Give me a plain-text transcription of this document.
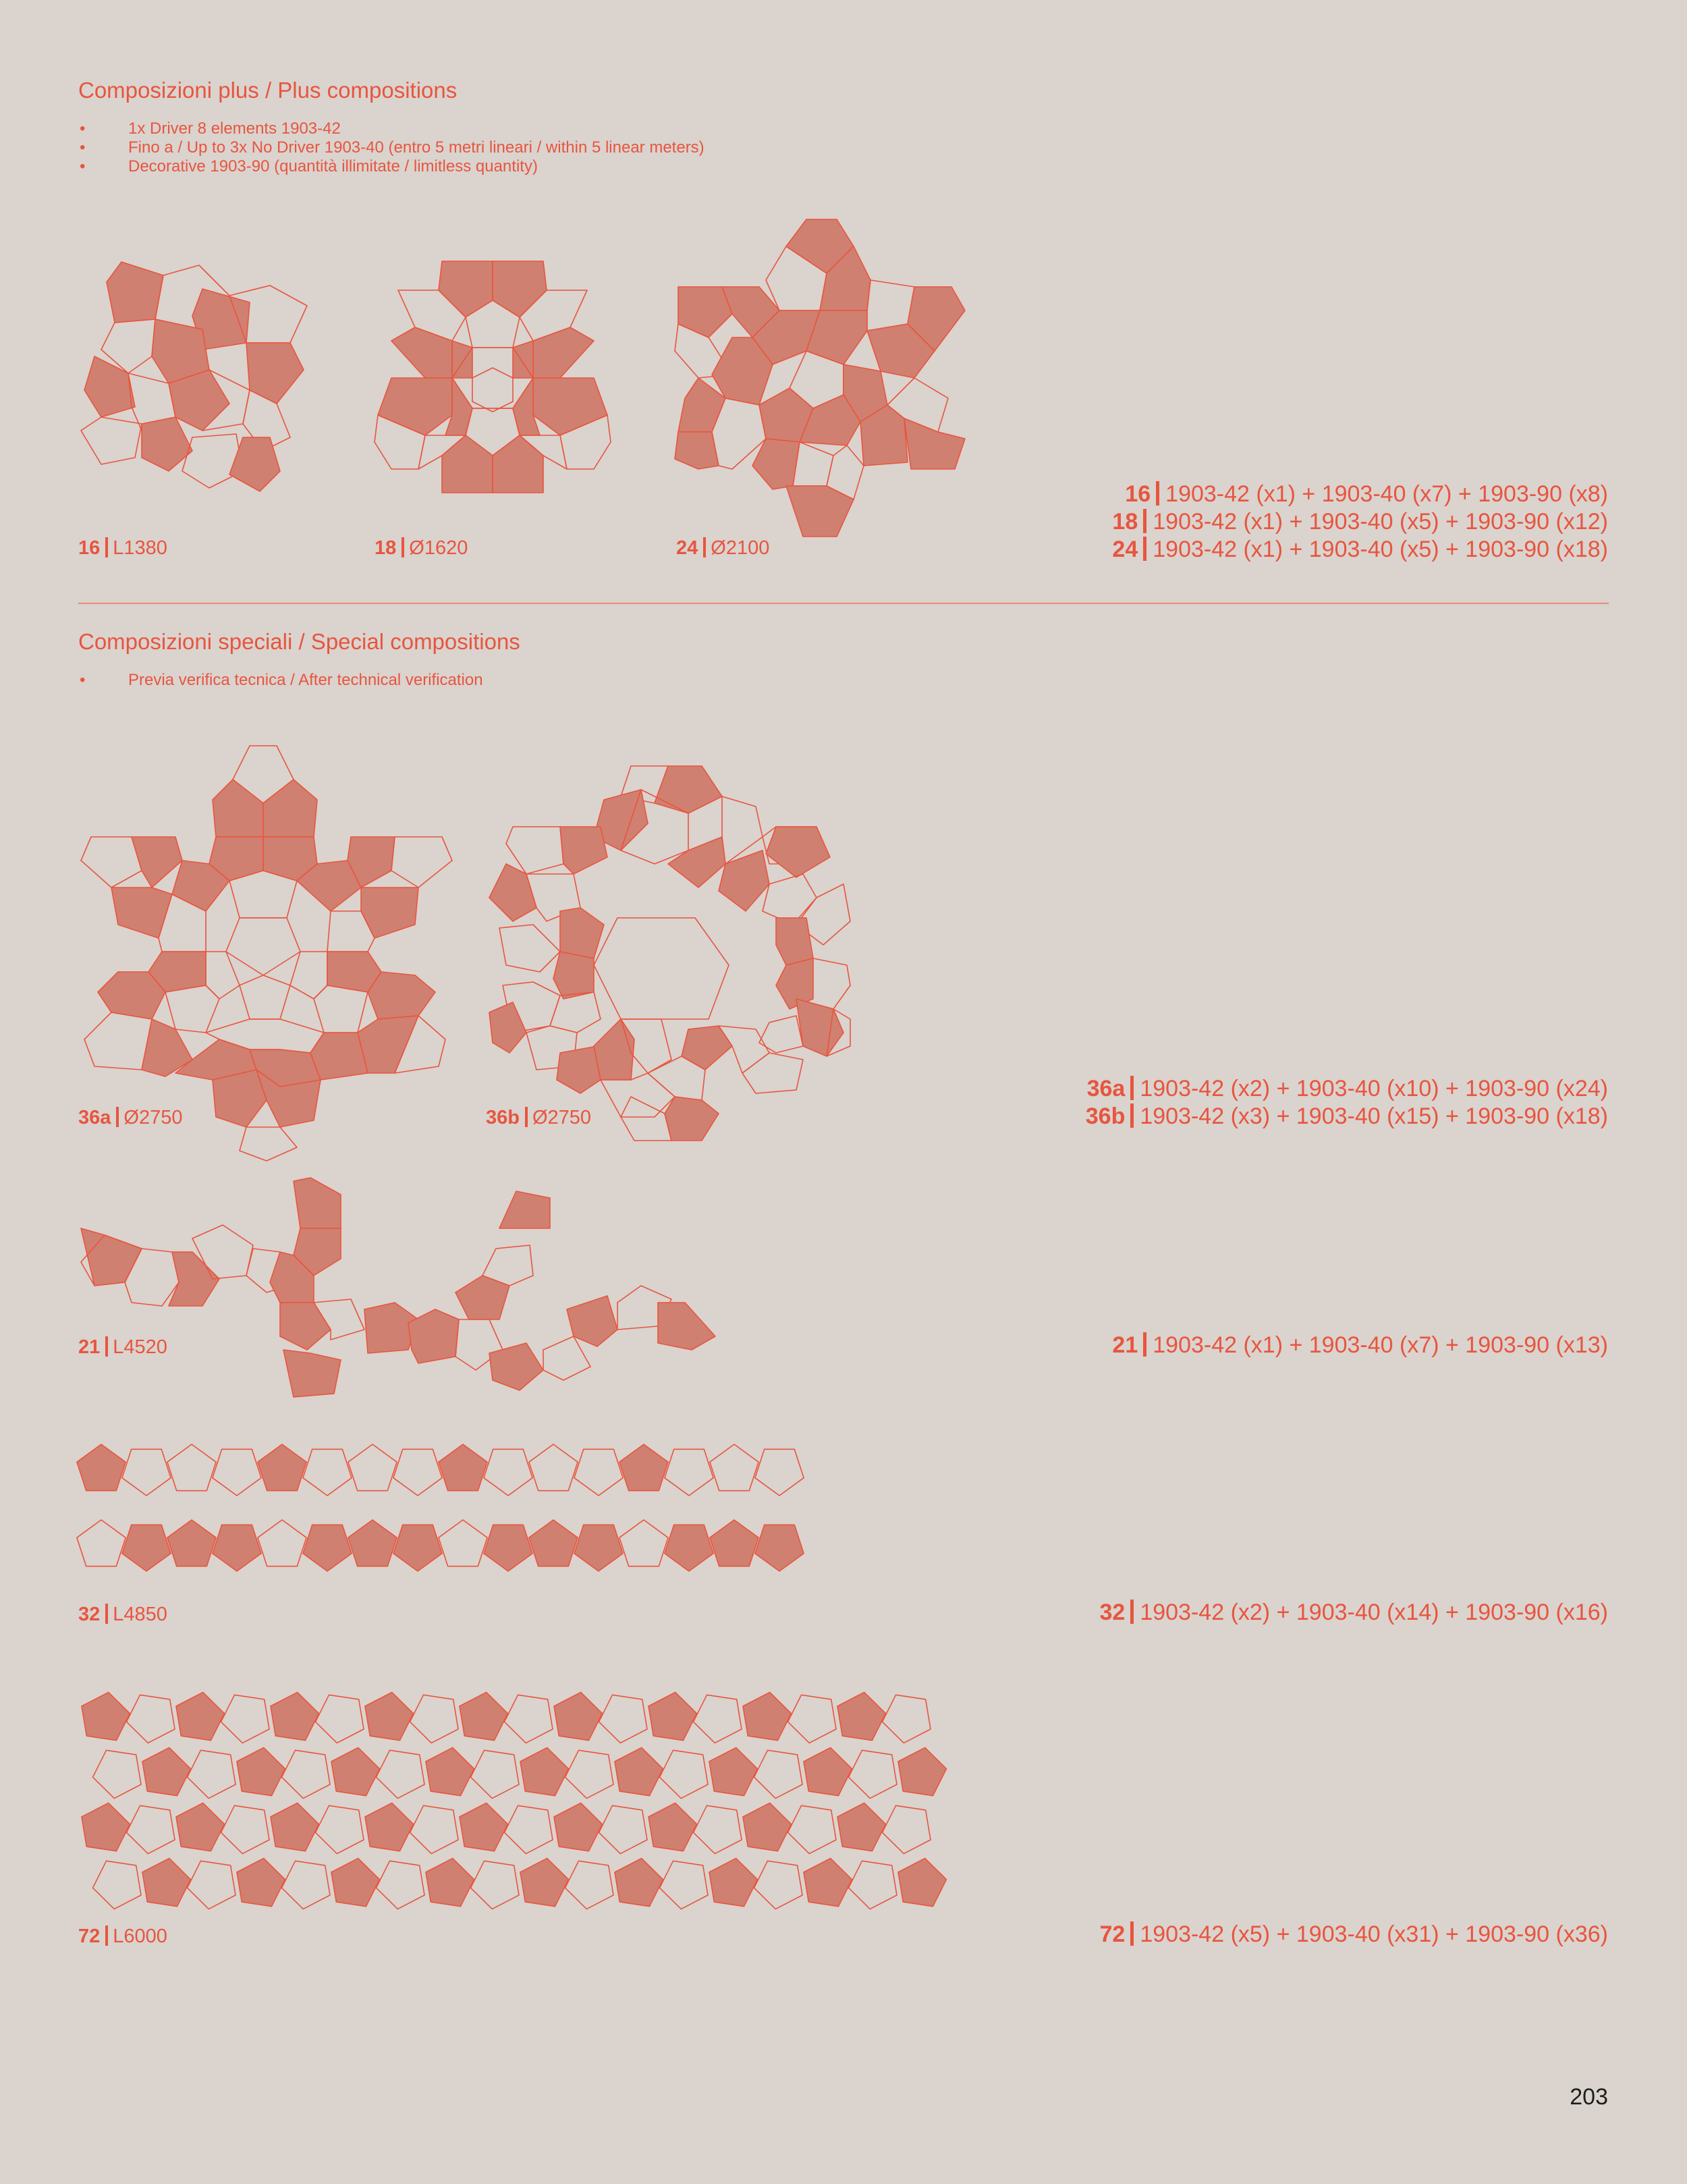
Composizioni plus / Plus compositions
• 1x Driver 8 elements 1903-42
• Fino a / Up to 3x No Driver 1903-40 (entro 5 metri lineari / within 5 linear meters)
• Decorative 1903-90 (quantità illimitate / limitless quantity)
16 L1380	18 Ø1620	24 Ø2100
16 1903-42 (x1) + 1903-40 (x7) + 1903-90 (x8)
18 1903-42 (x1) + 1903-40 (x5) + 1903-90 (x12)
24 1903-42 (x1) + 1903-40 (x5) + 1903-90 (x18)
Composizioni speciali / Special compositions
• Previa verifica tecnica / After technical verification
36a Ø2750	36b Ø2750
36a 1903-42 (x2) + 1903-40 (x10) + 1903-90 (x24)
36b 1903-42 (x3) + 1903-40 (x15) + 1903-90 (x18)
21 L4520	21 1903-42 (x1) + 1903-40 (x7) + 1903-90 (x13)
32 L4850	32 1903-42 (x2) + 1903-40 (x14) + 1903-90 (x16)
72 L6000	72 1903-42 (x5) + 1903-40 (x31) + 1903-90 (x36)
203
